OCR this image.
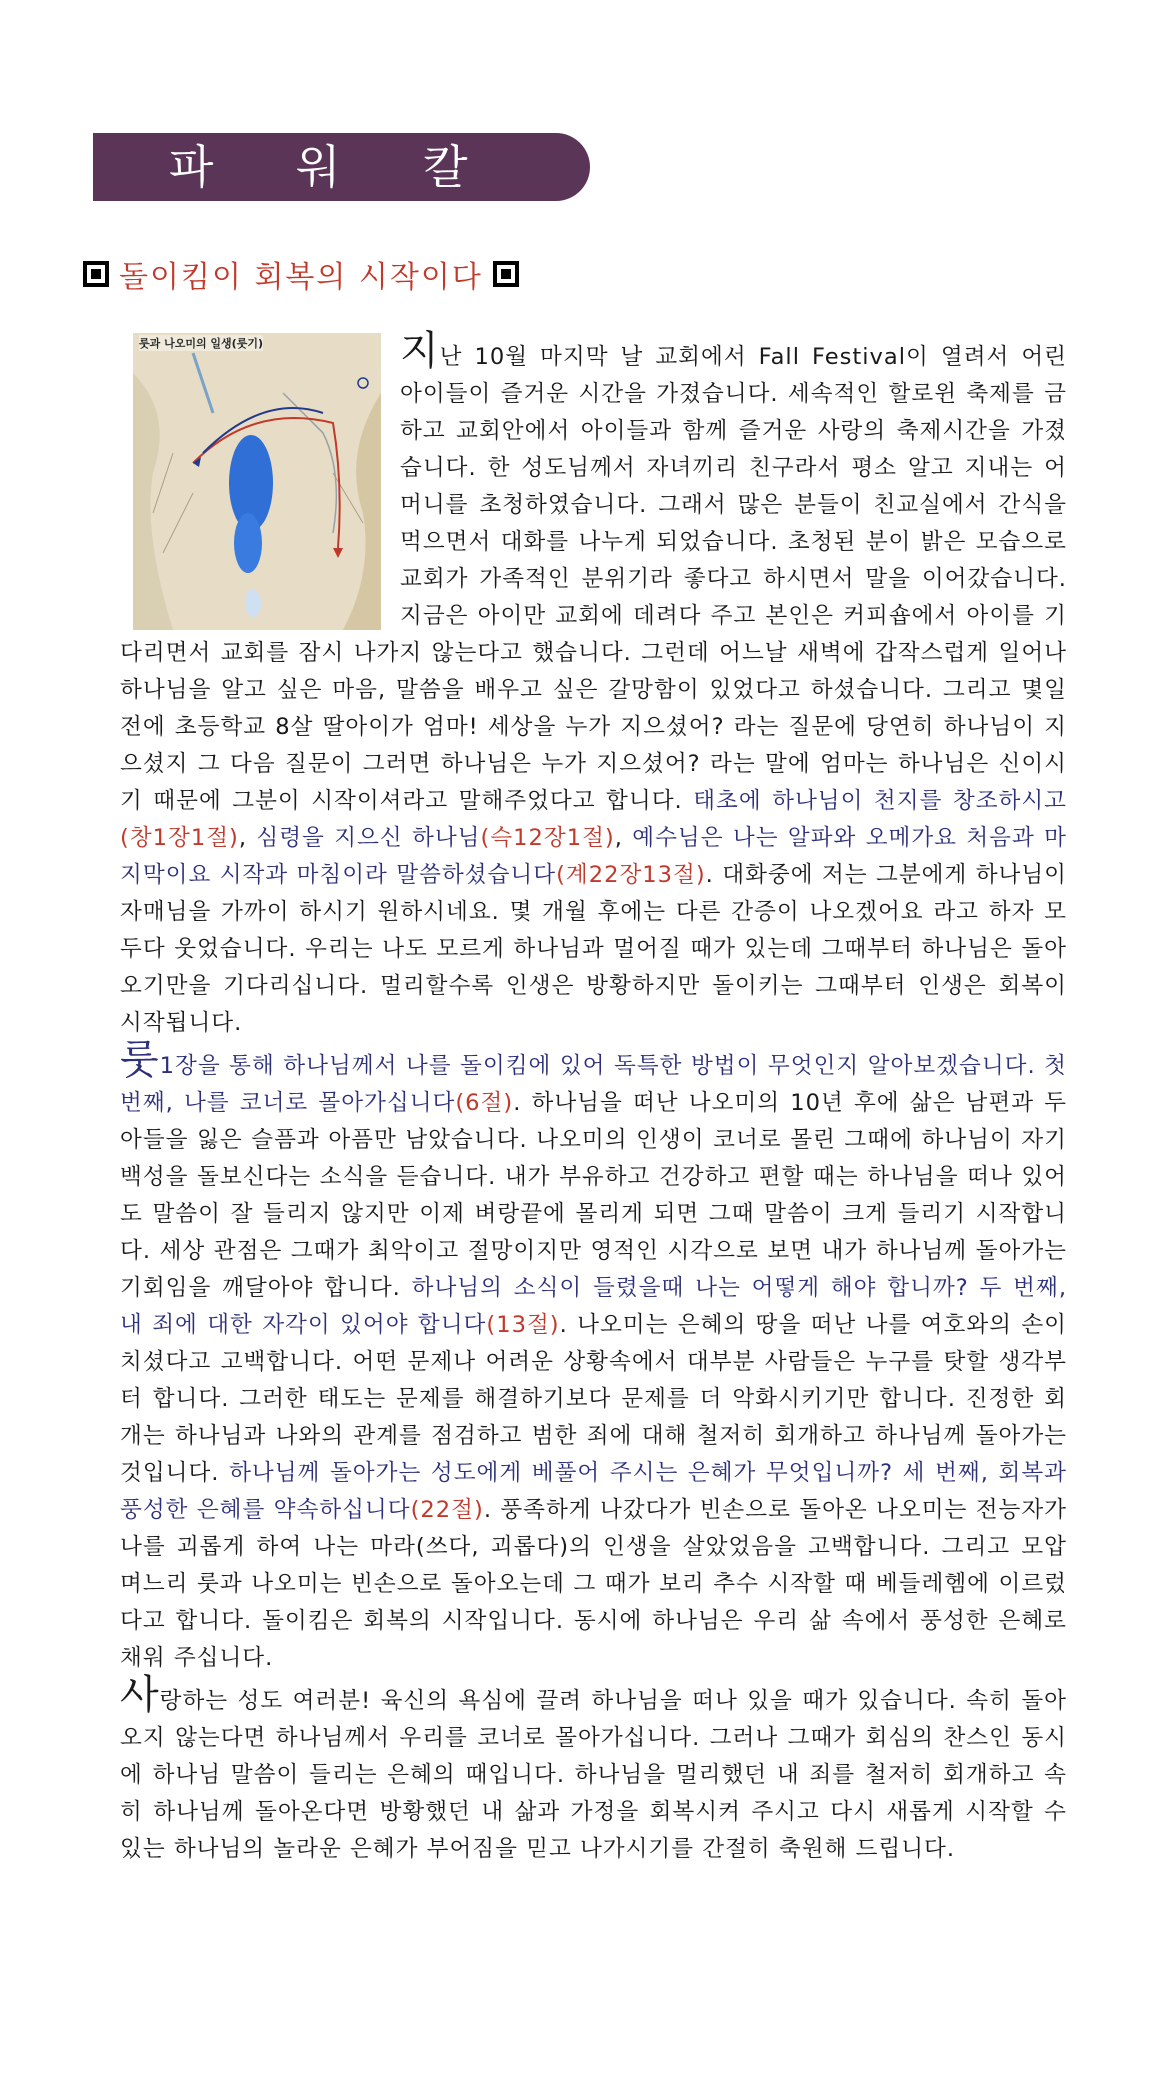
파 워 칼 럼
돌이킴이 회복의 시작이다
룻과 나오미의 일생(룻기)	지난 10월 마지막 날 교회에서 Fall Festival이 열려서 어린 아이들이 즐거운 시간을 가졌습니다. 세속적인 할로윈 축제를 금하고 교회안에서 아이들과 함께 즐거운 사랑의 축제시간을 가졌습니다. 한 성도님께서 자녀끼리 친구라서 평소 알고 지내는 어머니를 초청하였습니다. 그래서 많은 분들이 친교실에서 간식을 먹으면서 대화를 나누게 되었습니다. 초청된 분이 밝은 모습으로 교회가 가족적인 분위기라 좋다고 하시면서 말을 이어갔습니다. 지금은 아이만 교회에 데려다 주고 본인은 커피숍에서 아이를 기다리면서 교회를 잠시 나가지 않는다고 했습니다. 그런데 어느날 새벽에 갑작스럽게 일어나 하나님을 알고 싶은 마음, 말씀을 배우고 싶은 갈망함이 있었다고 하셨습니다. 그리고 몇일 전에 초등학교 8살 딸아이가 엄마! 세상을 누가 지으셨어? 라는 질문에 당연히 하나님이 지으셨지 그 다음 질문이 그러면 하나님은 누가 지으셨어? 라는 말에 엄마는 하나님은 신이시기 때문에 그분이 시작이셔라고 말해주었다고 합니다. 태초에 하나님이 천지를 창조하시고(창1장1절), 심령을 지으신 하나님(슥12장1절), 예수님은 나는 알파와 오메가요 처음과 마지막이요 시작과 마침이라 말씀하셨습니다(계22장13절). 대화중에 저는 그분에게 하나님이 자매님을 가까이 하시기 원하시네요. 몇 개월 후에는 다른 간증이 나오겠어요 라고 하자 모두다 웃었습니다. 우리는 나도 모르게 하나님과 멀어질 때가 있는데 그때부터 하나님은 돌아오기만을 기다리십니다. 멀리할수록 인생은 방황하지만 돌이키는 그때부터 인생은 회복이 시작됩니다.

룻1장을 통해 하나님께서 나를 돌이킴에 있어 독특한 방법이 무엇인지 알아보겠습니다. 첫 번째, 나를 코너로 몰아가십니다(6절). 하나님을 떠난 나오미의 10년 후에 삶은 남편과 두 아들을 잃은 슬픔과 아픔만 남았습니다. 나오미의 인생이 코너로 몰린 그때에 하나님이 자기 백성을 돌보신다는 소식을 듣습니다. 내가 부유하고 건강하고 편할 때는 하나님을 떠나 있어도 말씀이 잘 들리지 않지만 이제 벼랑끝에 몰리게 되면 그때 말씀이 크게 들리기 시작합니다. 세상 관점은 그때가 최악이고 절망이지만 영적인 시각으로 보면 내가 하나님께 돌아가는 기회임을 깨달아야 합니다. 하나님의 소식이 들렸을때 나는 어떻게 해야 합니까? 두 번째, 내 죄에 대한 자각이 있어야 합니다(13절). 나오미는 은혜의 땅을 떠난 나를 여호와의 손이 치셨다고 고백합니다. 어떤 문제나 어려운 상황속에서 대부분 사람들은 누구를 탓할 생각부터 합니다. 그러한 태도는 문제를 해결하기보다 문제를 더 악화시키기만 합니다. 진정한 회개는 하나님과 나와의 관계를 점검하고 범한 죄에 대해 철저히 회개하고 하나님께 돌아가는 것입니다. 하나님께 돌아가는 성도에게 베풀어 주시는 은혜가 무엇입니까? 세 번째, 회복과 풍성한 은혜를 약속하십니다(22절). 풍족하게 나갔다가 빈손으로 돌아온 나오미는 전능자가 나를 괴롭게 하여 나는 마라(쓰다, 괴롭다)의 인생을 살았었음을 고백합니다. 그리고 모압 며느리 룻과 나오미는 빈손으로 돌아오는데 그 때가 보리 추수 시작할 때 베들레헴에 이르렀다고 합니다. 돌이킴은 회복의 시작입니다. 동시에 하나님은 우리 삶 속에서 풍성한 은혜로 채워 주십니다.

사랑하는 성도 여러분! 육신의 욕심에 끌려 하나님을 떠나 있을 때가 있습니다. 속히 돌아오지 않는다면 하나님께서 우리를 코너로 몰아가십니다. 그러나 그때가 회심의 찬스인 동시에 하나님 말씀이 들리는 은혜의 때입니다. 하나님을 멀리했던 내 죄를 철저히 회개하고 속히 하나님께 돌아온다면 방황했던 내 삶과 가정을 회복시켜 주시고 다시 새롭게 시작할 수 있는 하나님의 놀라운 은혜가 부어짐을 믿고 나가시기를 간절히 축원해 드립니다.
